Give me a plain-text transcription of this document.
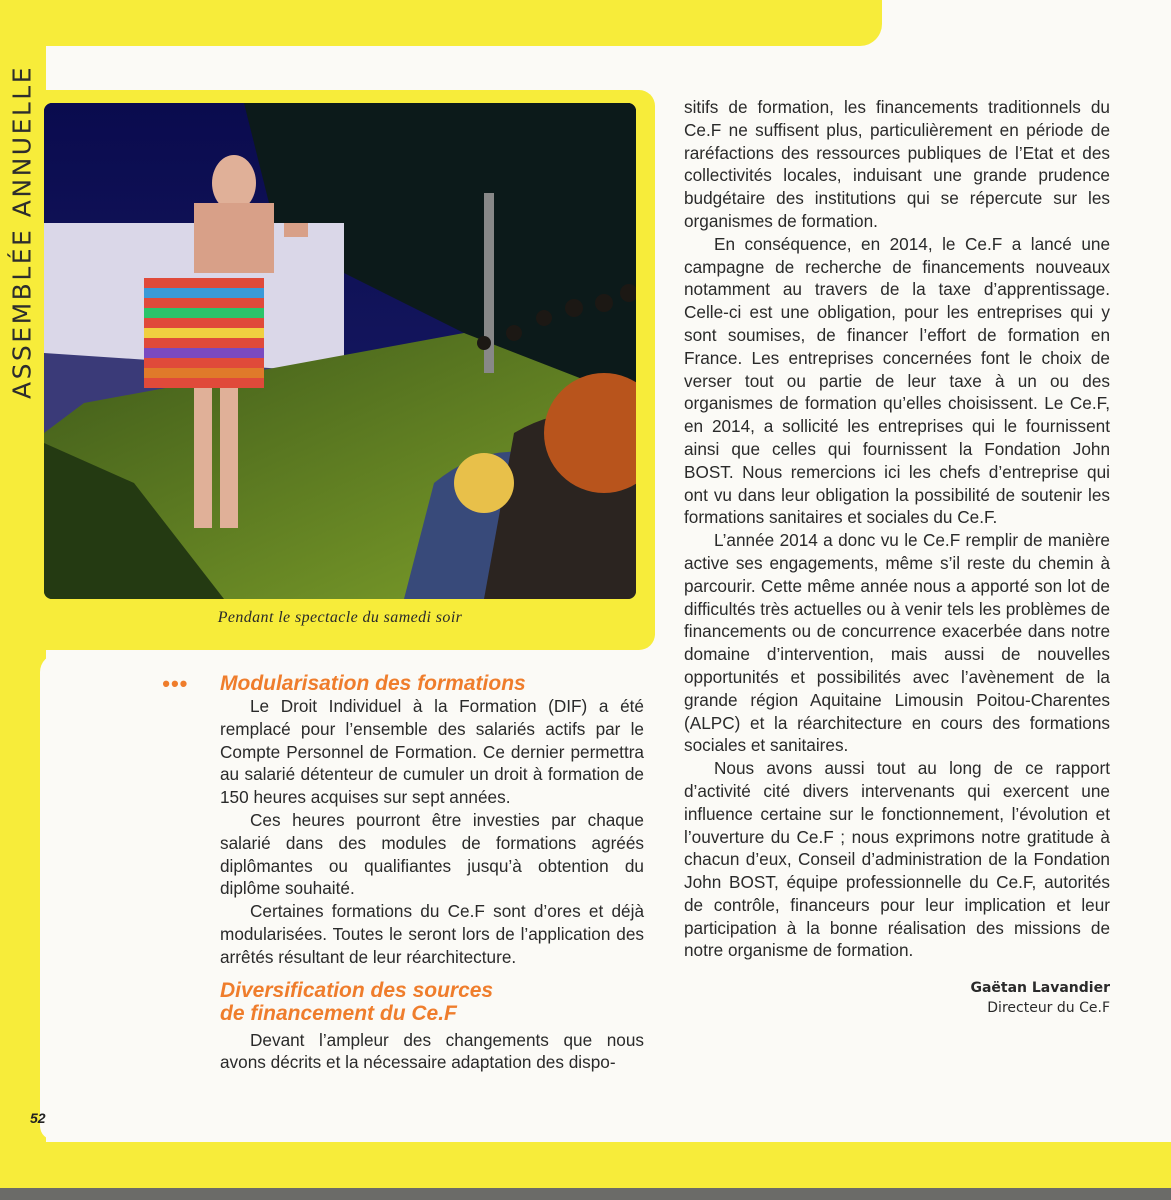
ASSEMBLÉE ANNUELLE
Pendant le spectacle du samedi soir
••• Modularisation des formations

Le Droit Individuel à la Formation (DIF) a été remplacé pour l’ensemble des salariés actifs par le Compte Personnel de Formation. Ce dernier permettra au salarié détenteur de cumuler un droit à formation de 150 heures acquises sur sept années.

Ces heures pourront être investies par chaque salarié dans des modules de formations agréés diplômantes ou qualifiantes jusqu’à obtention du diplôme souhaité.

Certaines formations du Ce.F sont d’ores et déjà modularisées. Toutes le seront lors de l’application des arrêtés résultant de leur réarchitecture.

Diversification des sources
de financement du Ce.F

Devant l’ampleur des changements que nous avons décrits et la nécessaire adaptation des dispo-

sitifs de formation, les financements traditionnels du Ce.F ne suffisent plus, particulièrement en période de raréfactions des ressources publiques de l’Etat et des collectivités locales, induisant une grande prudence budgétaire des institutions qui se répercute sur les organismes de formation.

En conséquence, en 2014, le Ce.F a lancé une campagne de recherche de financements nouveaux notamment au travers de la taxe d’apprentissage. Celle-ci est une obligation, pour les entreprises qui y sont soumises, de financer l’effort de formation en France. Les entreprises concernées font le choix de verser tout ou partie de leur taxe à un ou des organismes de formation qu’elles choisissent. Le Ce.F, en 2014, a sollicité les entreprises qui le fournissent ainsi que celles qui fournissent la Fondation John BOST. Nous remercions ici les chefs d’entreprise qui ont vu dans leur obligation la possibilité de soutenir les formations sanitaires et sociales du Ce.F.

L’année 2014 a donc vu le Ce.F remplir de manière active ses engagements, même s’il reste du chemin à parcourir. Cette même année nous a apporté son lot de difficultés très actuelles ou à venir tels les problèmes de financements ou de concurrence exacerbée dans notre domaine d’intervention, mais aussi de nouvelles opportunités et possibilités avec l’avènement de la grande région Aquitaine Limousin Poitou-Charentes (ALPC) et la réarchitecture en cours des formations sociales et sanitaires.

Nous avons aussi tout au long de ce rapport d’activité cité divers intervenants qui exercent une influence certaine sur le fonctionnement, l’évolution et l’ouverture du Ce.F ; nous exprimons notre gratitude à chacun d’eux, Conseil d’administration de la Fondation John BOST, équipe professionnelle du Ce.F, autorités de contrôle, financeurs pour leur implication et leur participation à la bonne réalisation des missions de notre organisme de formation.

Gaëtan Lavandier
Directeur du Ce.F
52
